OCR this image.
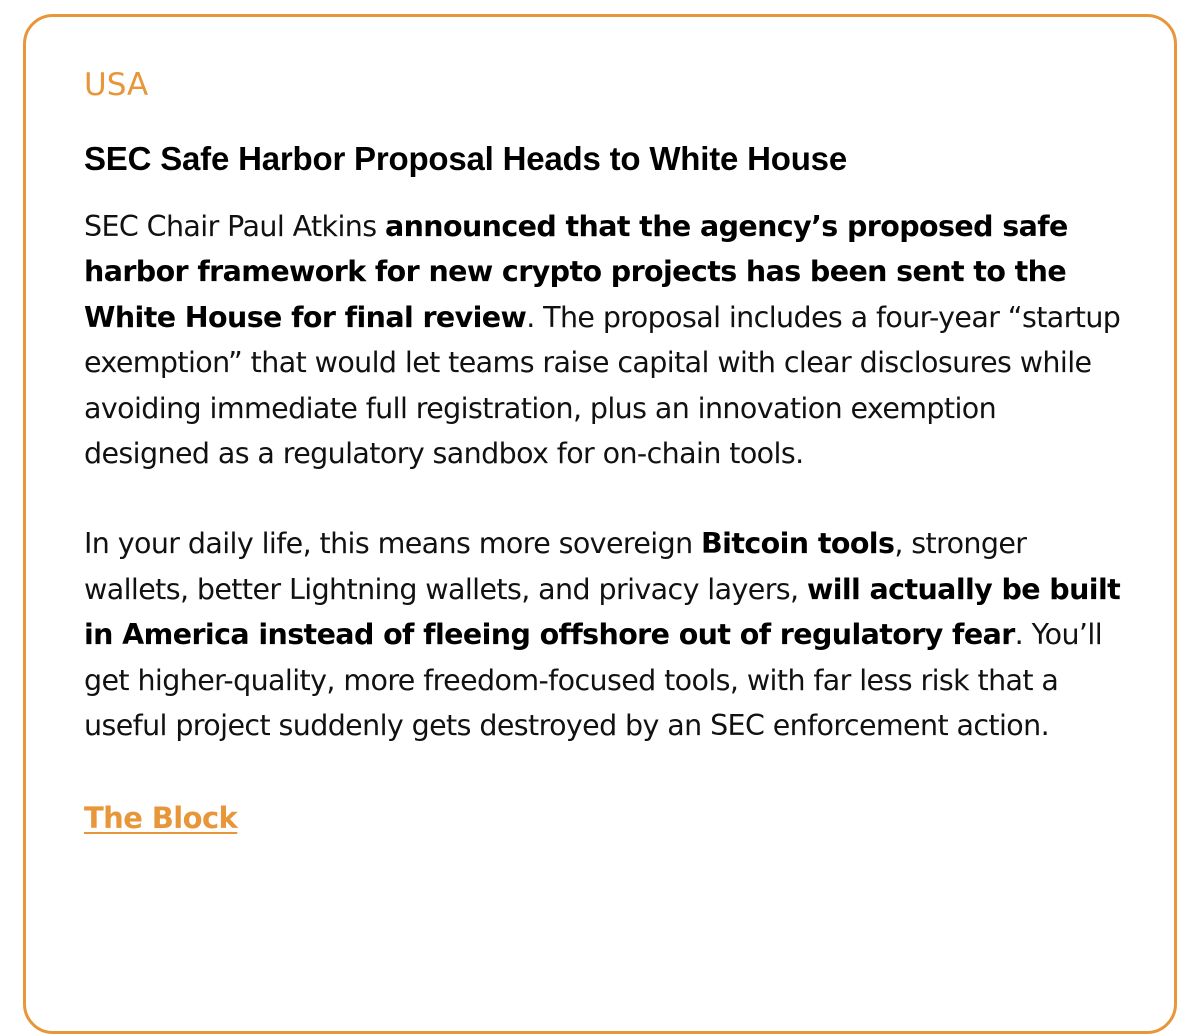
USA

SEC Safe Harbor Proposal Heads to White House

SEC Chair Paul Atkins announced that the agency’s proposed safe harbor framework for new crypto projects has been sent to the White House for final review. The proposal includes a four-year “startup exemption” that would let teams raise capital with clear disclosures while avoiding immediate full registration, plus an innovation exemption designed as a regulatory sandbox for on-chain tools.

In your daily life, this means more sovereign Bitcoin tools, stronger wallets, better Lightning wallets, and privacy layers, will actually be built in America instead of fleeing offshore out of regulatory fear. You’ll get higher-quality, more freedom-focused tools, with far less risk that a useful project suddenly gets destroyed by an SEC enforcement action.

The Block
